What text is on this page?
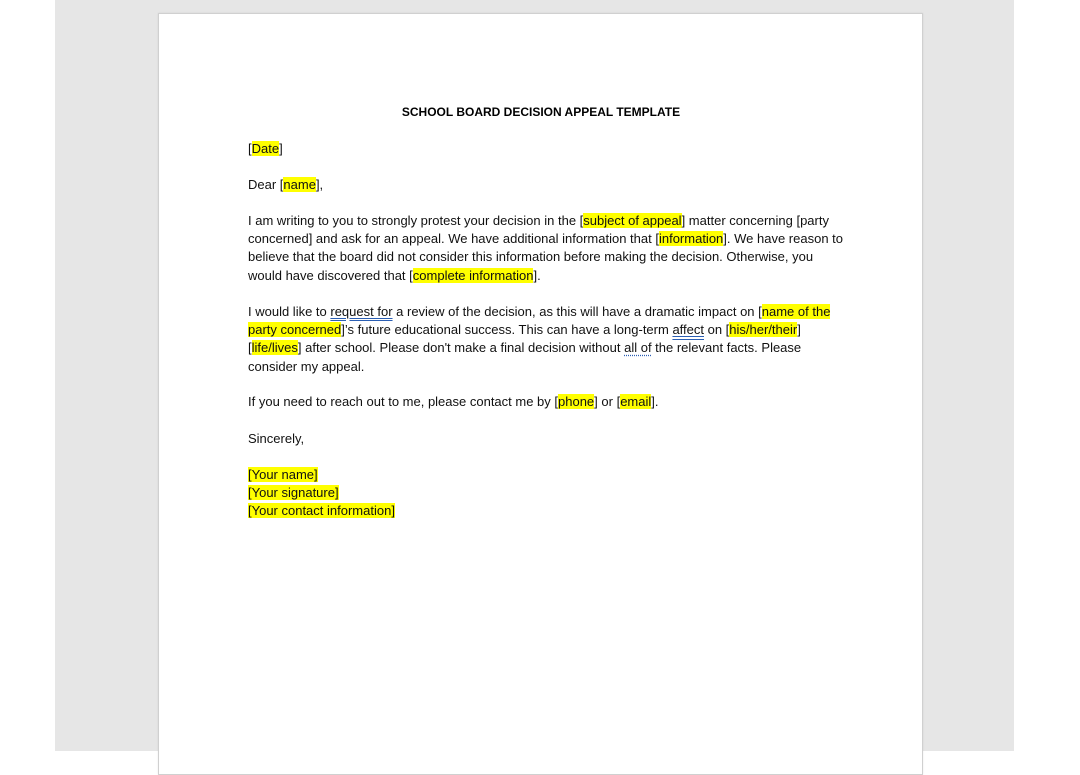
SCHOOL BOARD DECISION APPEAL TEMPLATE
[Date]
Dear [name],
I am writing to you to strongly protest your decision in the [subject of appeal] matter concerning [party
concerned] and ask for an appeal. We have additional information that [information]. We have reason to
believe that the board did not consider this information before making the decision. Otherwise, you
would have discovered that [complete information].
I would like to request for a review of the decision, as this will have a dramatic impact on [name of the
party concerned]’s future educational success. This can have a long-term affect on [his/her/their]
[life/lives] after school. Please don't make a final decision without all of the relevant facts. Please
consider my appeal.
If you need to reach out to me, please contact me by [phone] or [email].
Sincerely,
[Your name]
[Your signature]
[Your contact information]
